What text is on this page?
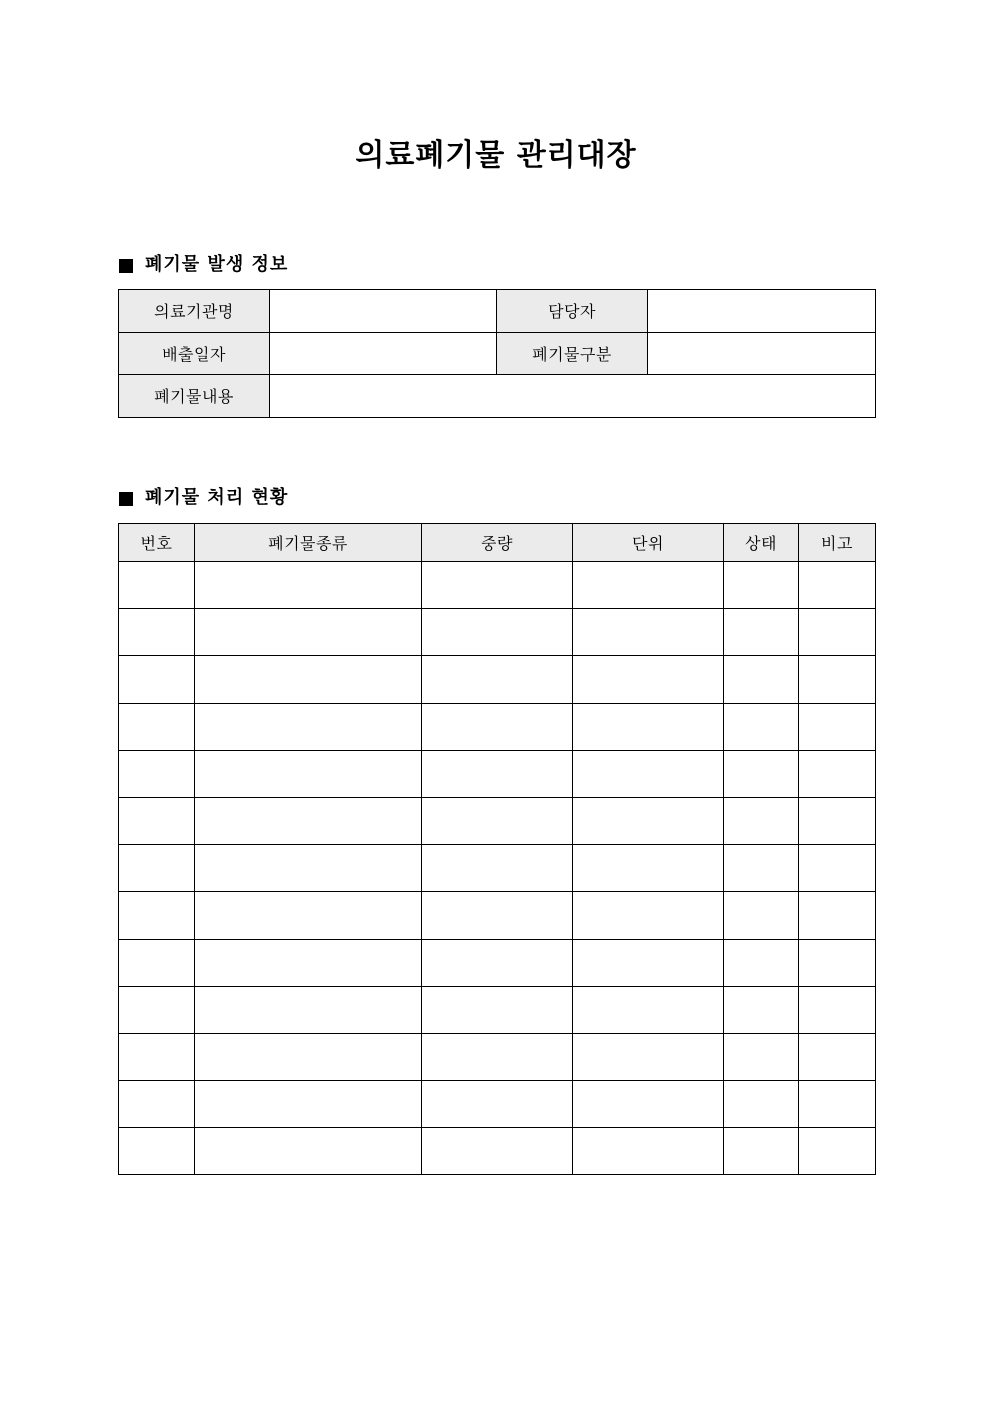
의료폐기물 관리대장
폐기물 발생 정보
의료기관명		담당자	
배출일자		폐기물구분	
폐기물내용			
폐기물 처리 현황
번호	폐기물종류	중량	단위	상태	비고
